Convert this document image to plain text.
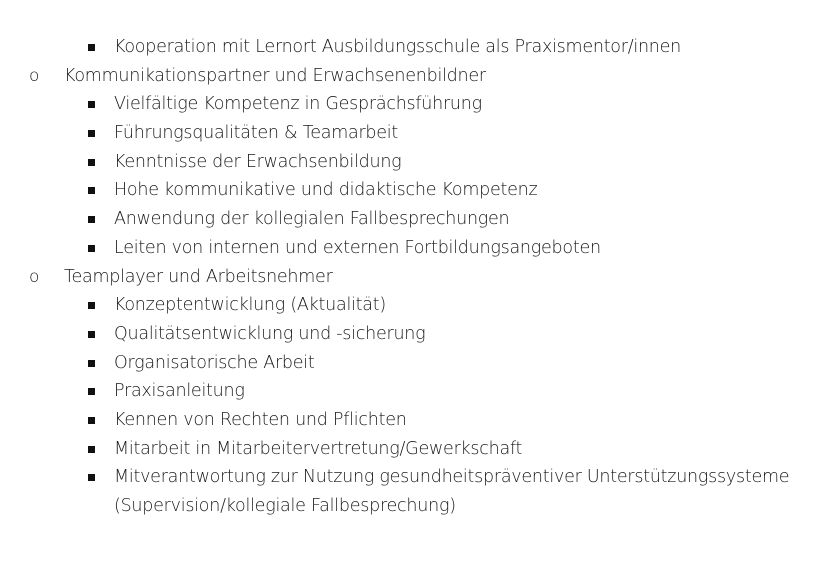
Kooperation mit Lernort Ausbildungsschule als Praxismentor/innen
o Kommunikationspartner und Erwachsenenbildner
Vielfältige Kompetenz in Gesprächsführung
Führungsqualitäten & Teamarbeit
Kenntnisse der Erwachsenbildung
Hohe kommunikative und didaktische Kompetenz
Anwendung der kollegialen Fallbesprechungen
Leiten von internen und externen Fortbildungsangeboten
o Teamplayer und Arbeitsnehmer
Konzeptentwicklung (Aktualität)
Qualitätsentwicklung und -sicherung
Organisatorische Arbeit
Praxisanleitung
Kennen von Rechten und Pflichten
Mitarbeit in Mitarbeitervertretung/Gewerkschaft
Mitverantwortung zur Nutzung gesundheitspräventiver Unterstützungssysteme
(Supervision/kollegiale Fallbesprechung)
